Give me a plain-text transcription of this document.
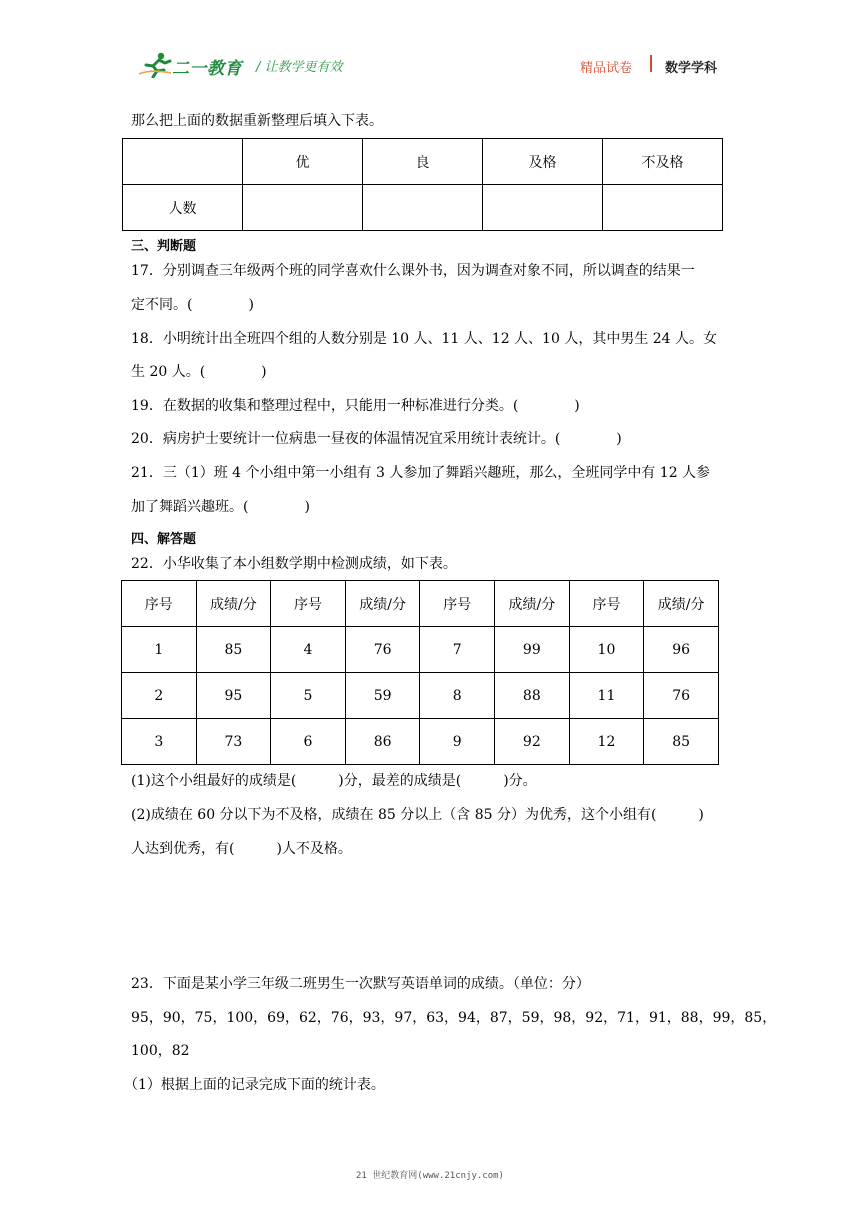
二一教育 / 让教学更有效	精品试卷	数学学科
那么把上面的数据重新整理后填入下表。
	优	良	及格	不及格
人数				
三、判断题
17．分别调查三年级两个班的同学喜欢什么课外书，因为调查对象不同，所以调查的结果一
定不同。(　　　　)
18．小明统计出全班四个组的人数分别是 10 人、11 人、12 人、10 人，其中男生 24 人。女
生 20 人。(　　　　)
19．在数据的收集和整理过程中，只能用一种标准进行分类。(　　　　)
20．病房护士要统计一位病患一昼夜的体温情况宜采用统计表统计。(　　　　)
21．三（1）班 4 个小组中第一小组有 3 人参加了舞蹈兴趣班，那么，全班同学中有 12 人参
加了舞蹈兴趣班。(　　　　)
四、解答题
22．小华收集了本小组数学期中检测成绩，如下表。
序号	成绩/分	序号	成绩/分	序号	成绩/分	序号	成绩/分
1	85	4	76	7	99	10	96
2	95	5	59	8	88	11	76
3	73	6	86	9	92	12	85
(1)这个小组最好的成绩是(　　　)分，最差的成绩是(　　　)分。
(2)成绩在 60 分以下为不及格，成绩在 85 分以上（含 85 分）为优秀，这个小组有(　　　)
人达到优秀，有(　　　)人不及格。
23．下面是某小学三年级二班男生一次默写英语单词的成绩。（单位：分）
95，90，75，100，69，62，76，93，97，63，94，87，59，98，92，71，91，88，99，85，
100，82
（1）根据上面的记录完成下面的统计表。
21 世纪教育网(www.21cnjy.com)
